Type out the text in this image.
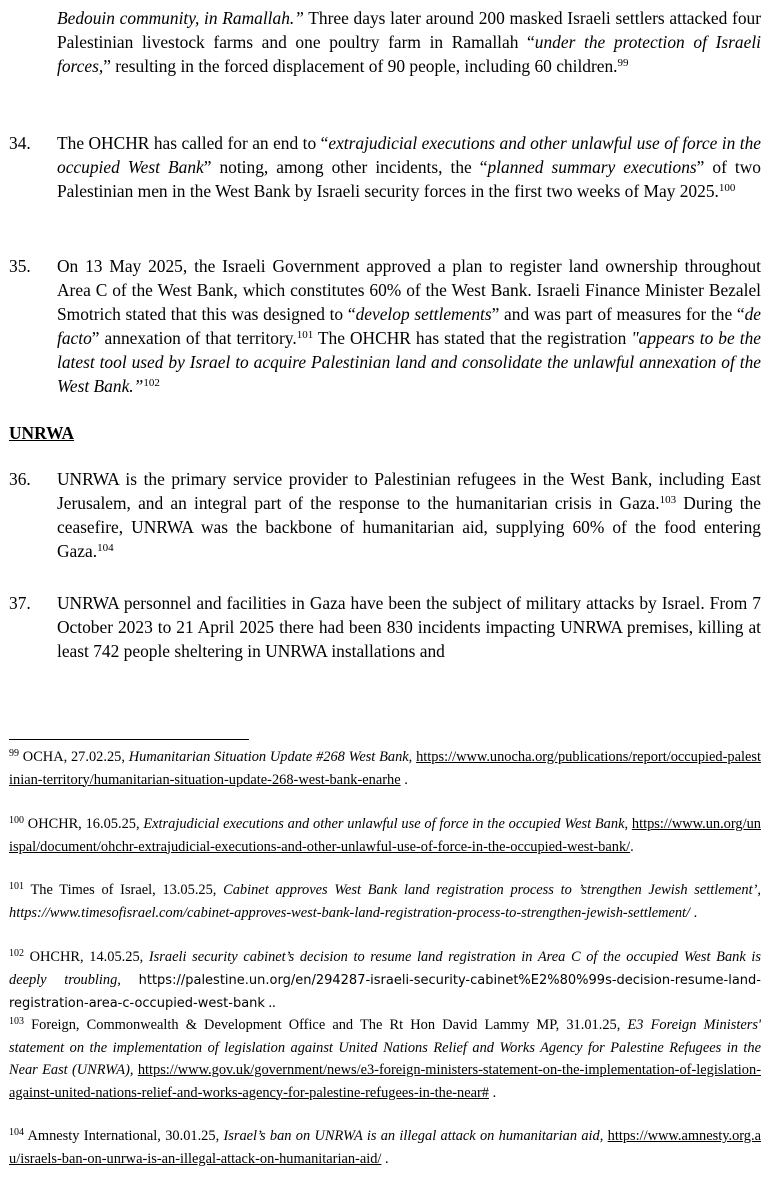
Bedouin community, in Ramallah.” Three days later around 200 masked Israeli settlers attacked four Palestinian livestock farms and one poultry farm in Ramallah “under the protection of Israeli forces,” resulting in the forced displacement of 90 people, including 60 children.$^{99}$
34. The OHCHR has called for an end to “extrajudicial executions and other unlawful use of force in the occupied West Bank” noting, among other incidents, the “planned summary executions” of two Palestinian men in the West Bank by Israeli security forces in the first two weeks of May 2025.$^{100}$
35. On 13 May 2025, the Israeli Government approved a plan to register land ownership throughout Area C of the West Bank, which constitutes 60% of the West Bank. Israeli Finance Minister Bezalel Smotrich stated that this was designed to “develop settlements” and was part of measures for the “de facto” annexation of that territory.$^{101}$ The OHCHR has stated that the registration "appears to be the latest tool used by Israel to acquire Palestinian land and consolidate the unlawful annexation of the West Bank.”$^{102}$
UNRWA
36. UNRWA is the primary service provider to Palestinian refugees in the West Bank, including East Jerusalem, and an integral part of the response to the humanitarian crisis in Gaza.$^{103}$ During the ceasefire, UNRWA was the backbone of humanitarian aid, supplying 60% of the food entering Gaza.$^{104}$
37. UNRWA personnel and facilities in Gaza have been the subject of military attacks by Israel. From 7 October 2023 to 21 April 2025 there had been 830 incidents impacting UNRWA premises, killing at least 742 people sheltering in UNRWA installations and
$^{99}$ OCHA, 27.02.25, Humanitarian Situation Update #268 West Bank, https://www.unocha.org/publications/report/occupied-palestinian-territory/humanitarian-situation-update-268-west-bank-enarhe .
$^{100}$ OHCHR, 16.05.25, Extrajudicial executions and other unlawful use of force in the occupied West Bank, https://www.un.org/unispal/document/ohchr-extrajudicial-executions-and-other-unlawful-use-of-force-in-the-occupied-west-bank/.
$^{101}$ The Times of Israel, 13.05.25, Cabinet approves West Bank land registration process to ’strengthen Jewish settlement’, https://www.timesofisrael.com/cabinet-approves-west-bank-land-registration-process-to-strengthen-jewish-settlement/ .
$^{102}$ OHCHR, 14.05.25, Israeli security cabinet’s decision to resume land registration in Area C of the occupied West Bank is deeply troubling, https://palestine.un.org/en/294287-israeli-security-cabinet%E2%80%99s-decision-resume-land-registration-area-c-occupied-west-bank ..
$^{103}$ Foreign, Commonwealth & Development Office and The Rt Hon David Lammy MP, 31.01.25, E3 Foreign Ministers' statement on the implementation of legislation against United Nations Relief and Works Agency for Palestine Refugees in the Near East (UNRWA), https://www.gov.uk/government/news/e3-foreign-ministers-statement-on-the-implementation-of-legislation-against-united-nations-relief-and-works-agency-for-palestine-refugees-in-the-near# .
$^{104}$ Amnesty International, 30.01.25, Israel’s ban on UNRWA is an illegal attack on humanitarian aid, https://www.amnesty.org.au/israels-ban-on-unrwa-is-an-illegal-attack-on-humanitarian-aid/ .
